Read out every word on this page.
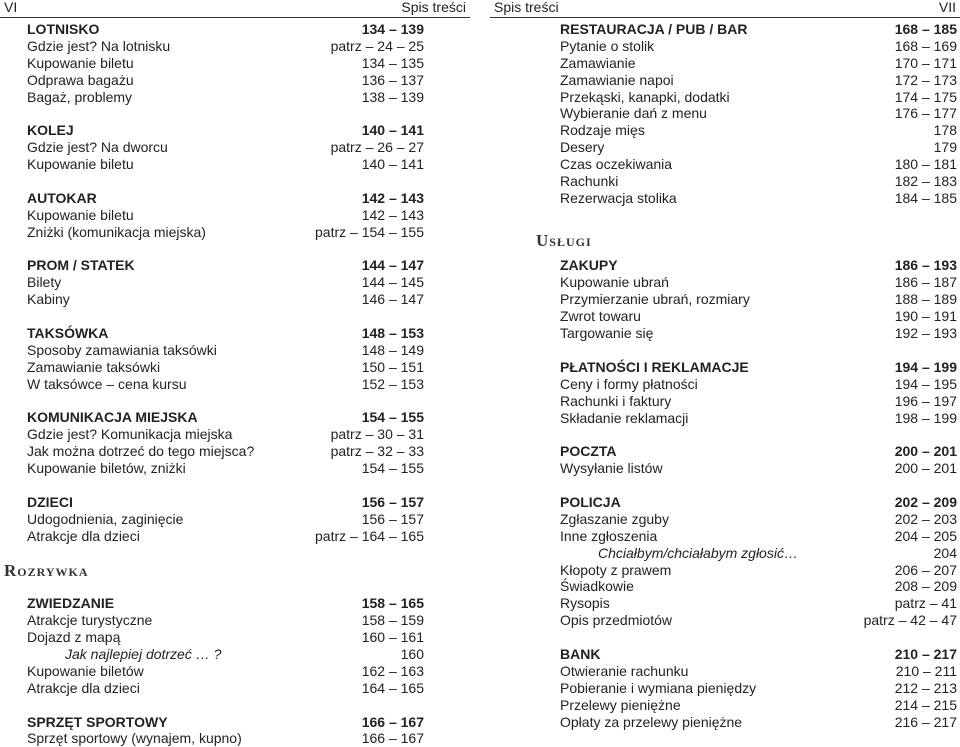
VI	Spis treści
LOTNISKO	134 – 139
Gdzie jest? Na lotnisku	patrz – 24 – 25
Kupowanie biletu	134 – 135
Odprawa bagażu	136 – 137
Bagaż, problemy	138 – 139
KOLEJ	140 – 141
Gdzie jest? Na dworcu	patrz – 26 – 27
Kupowanie biletu	140 – 141
AUTOKAR	142 – 143
Kupowanie biletu	142 – 143
Zniżki (komunikacja miejska)	patrz – 154 – 155
PROM / STATEK	144 – 147
Bilety	144 – 145
Kabiny	146 – 147
TAKSÓWKA	148 – 153
Sposoby zamawiania taksówki	148 – 149
Zamawianie taksówki	150 – 151
W taksówce – cena kursu	152 – 153
KOMUNIKACJA MIEJSKA	154 – 155
Gdzie jest? Komunikacja miejska	patrz – 30 – 31
Jak można dotrzeć do tego miejsca?	patrz – 32 – 33
Kupowanie biletów, zniżki	154 – 155
DZIECI	156 – 157
Udogodnienia, zaginięcie	156 – 157
Atrakcje dla dzieci	patrz – 164 – 165
ZWIEDZANIE	158 – 165
Atrakcje turystyczne	158 – 159
Dojazd z mapą	160 – 161
Jak najlepiej dotrzeć … ?	160
Kupowanie biletów	162 – 163
Atrakcje dla dzieci	164 – 165
SPRZĘT SPORTOWY	166 – 167
Sprzęt sportowy (wynajem, kupno)	166 – 167
ROZRYWKA
Spis treści	VII
RESTAURACJA / PUB / BAR	168 – 185
Pytanie o stolik	168 – 169
Zamawianie	170 – 171
Zamawianie napoi	172 – 173
Przekąski, kanapki, dodatki	174 – 175
Wybieranie dań z menu	176 – 177
Rodzaje mięs	178
Desery	179
Czas oczekiwania	180 – 181
Rachunki	182 – 183
Rezerwacja stolika	184 – 185
ZAKUPY	186 – 193
Kupowanie ubrań	186 – 187
Przymierzanie ubrań, rozmiary	188 – 189
Zwrot towaru	190 – 191
Targowanie się	192 – 193
PŁATNOŚCI I REKLAMACJE	194 – 199
Ceny i formy płatności	194 – 195
Rachunki i faktury	196 – 197
Składanie reklamacji	198 – 199
POCZTA	200 – 201
Wysyłanie listów	200 – 201
POLICJA	202 – 209
Zgłaszanie zguby	202 – 203
Inne zgłoszenia	204 – 205
Chciałbym/chciałabym zgłosić…	204
Kłopoty z prawem	206 – 207
Świadkowie	208 – 209
Rysopis	patrz – 41
Opis przedmiotów	patrz – 42 – 47
BANK	210 – 217
Otwieranie rachunku	210 – 211
Pobieranie i wymiana pieniędzy	212 – 213
Przelewy pieniężne	214 – 215
Opłaty za przelewy pieniężne	216 – 217
USŁUGI
